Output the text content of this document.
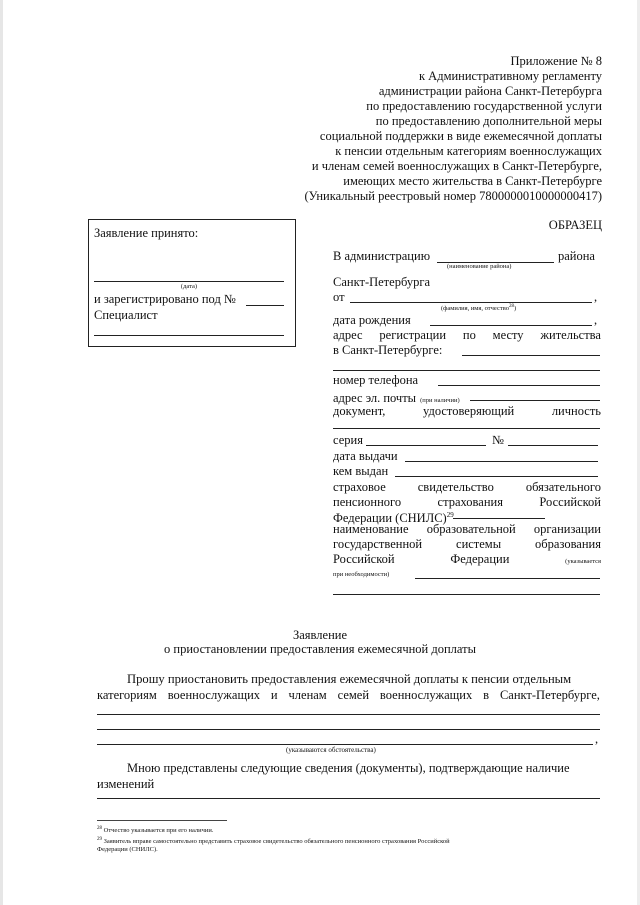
Приложение № 8
к Административному регламенту
администрации района Санкт-Петербурга
по предоставлению государственной услуги
по предоставлению дополнительной меры
социальной поддержки в виде ежемесячной доплаты
к пенсии отдельным категориям военнослужащих
и членам семей военнослужащих в Санкт-Петербурге,
имеющих место жительства в Санкт-Петербурге
(Уникальный реестровый номер 7800000010000000417)
ОБРАЗЕЦ
Заявление принято:
(дата)
и зарегистрировано под №
Специалист
В администрацию	района
(наименование района)
Санкт-Петербурга
от	,
(фамилия, имя, отчество$^{28}$)
дата рождения	,
адрес регистрации по месту жительства
в Санкт-Петербурге:
номер телефона
адрес эл. почты (при наличии)
документ,	удостоверяющий	личность
серия	№
дата выдачи
кем выдан
страховое	свидетельство	обязательного
пенсионного	страхования	Российской
Федерации (СНИЛС)$^{29}$
наименование образовательной организации
государственной	системы	образования
Российской	Федерации	(указывается
при необходимости)
Заявление
о приостановлении предоставления ежемесячной доплаты
Прошу приостановить предоставления ежемесячной доплаты к пенсии отдельным
категориям военнослужащих и членам семей военнослужащих в Санкт-Петербурге,
,
(указываются обстоятельства)
Мною представлены следующие сведения (документы), подтверждающие наличие
изменений
$^{28}$ Отчество указывается при его наличии.
$^{29}$ Заявитель вправе самостоятельно представить страховое свидетельство обязательного пенсионного страхования Российской
Федерации (СНИЛС).
